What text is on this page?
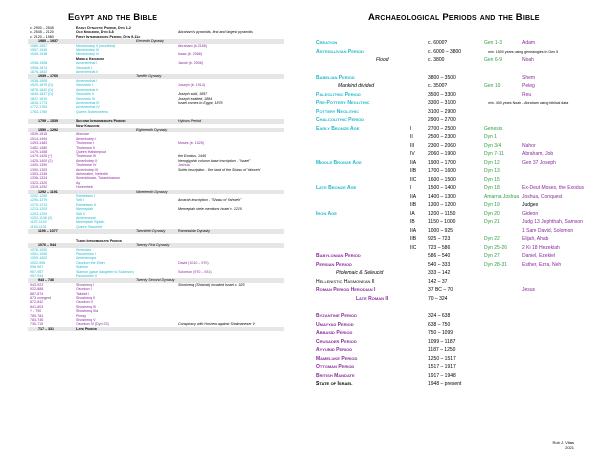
Egypt and the Bible	Archaeological Periods and the Bible
c. 2900 – 2545	Early Dynastic Period, Dyn 1-2
c. 2545 – 2120	Old Kingdom, Dyn 3-8	Abraham's pyramids, first and largest pyramids
c. 2120 – 1980	First Intermediate Period, Dyn 9-11a
1980 – 1937	Eleventh Dynasty
1980-1957	Mentuhotep II (reunified)	Abraham (b.2166)
1957-1945	Mentuhotep III
1945-1938	Mentuhotep IV	Isaac (b. 2066)
Middle Kingdom
1938-1908	Amenemhat I	Jacob (b. 2006)
1908-1874	Senusret I
1876-1842	Amenemhat II
1939 – 1760	Twelfth Dynasty
1938-1908	Amenemhat I
1920-1875 (D)	Sesostris I	Joseph (b. 1914)
1876-1842 (D)	Amenemhat II
1845-1837 (D)	Sesostris II	Joseph sold, 1897
1837-1819	Sesostris III	Joseph exalted, 1884
1818-1773	Amenemhat III	Israel comes to Egypt, 1876
1772-1764	Amenemhat IV
1763-1760	Queen Sobekneferu
1759 – 1539	Second Intermediate Period	Hyksos Period
New Kingdom
1550 – 1292	Eighteenth Dynasty
1539-1515	Ahmose
1514-1494	Amenhotep I
1493-1483	Thutmose I	Moses (b. 1525)
1482-1480	Thutmose II
1479-1458	Queen Hatshepsut
1479-1425 (*)	Thutmose III	the Exodus, 1445
1425-1400 (2)	Amenhotep II	hieroglyphic column base inscription - "Israel"
1400-1390	Thutmose IV	Joshua
1390-1353	Amenhotep III	Soleb inscription - 'the land of the Shasu of Yahweh'
1353-1336	Akhenaten, Nefertiti
1336-1324	Smenkhkare, Tutankhamun
1323-1320	Ay
1319-1292	Horemheb
1292 – 1191	Nineteenth Dynasty
1292-1290	Ramesses I
1290-1279	Seti I	Amarah inscription - "Shasu of Yahweh"
1279-1213	Ramesses II
1213-1203	Merneptah	Merneptah stele mentions Israel c. 1210
1203-1200	Seti II
1202-1198 (2)	Amenmesse
1197-1193	Merneptah Siptah
1193-1191	Queen Tawosret
1190 – 1077	Twentieth Dynasty	Ramesside Dynasty
Third Intermediate Period
1076 – 944	Twenty First Dynasty
1076-1052	Smendes
1051-1006	Psusennes I
1005-1002	Amenemope
1002-996	Osorkon the Elder	David (1010 – 970)
996-967	Siamun
967-957	Siamun (gave daughter to Solomon)	Solomon (970 – 931)
957-944	Psusennes II
943 – 746	Twenty Second Dynasty
943-923	Shoshenq I	Shoshenq (Shishak) invaded Israel c. 925
922-888	Osorkon I
887-874	Takelot I
873 coregent	Shoshenq II
872-842	Osorkon II
841-803	Shoshenq III
? - 790	Shoshenq IIIa
789-784	Pimay
783-746	Shoshenq V
730-715	Osorkon IV (Dyn 23)	Conspiracy with Hoshea against Shalmaneser V
717 – 331	Late Period
Creation	c. 6000?	Gen 1-3	Adam
Antediluvian Period	c. 6000 – 3800	min. 1500 years using genealogies in Gen 5
Flood	c. 3800	Gen 6-9	Noah
Babelian Period	3800 – 3500	Shem
Mankind divided	c. 3500?	Gen 10	Peleg
Paleolithic Period	3500 – 3300	Reu
Pre-Pottery Neolithic	3300 – 3100	min. 400 years Noah - Abraham using biblical data
Pottery Neolithic	3100 – 2900
Chalcolithic Period	2900 – 2700
Early Bronze Age	I	2700 – 2500	Genesis
II	2500 – 2300	Dyn 1
III	2300 – 2060	Dyn 3/4	Nahor
IV	2060 – 1900	Dyn 7-11	Abraham, Job
Middle Bronze Age	IIA	1900 – 1700	Dyn 12	Gen 37 Joseph
IIB	1700 – 1600	Dyn 13
IIC	1600 – 1500	Dyn 15
Late Bronze Age	I	1500 – 1400	Dyn 18	Ex-Deut Moses, the Exodus
IIA	1400 – 1300	Amarna Joshua Joshua, Conquest
IIB	1300 – 1200	Dyn 19	Judges
Iron Age	IA	1200 – 1150	Dyn 20	Gideon
IB	1150 – 1000	Dyn 21	Judg 13 Jephthah, Samson
IIA	1000 – 925	1 Sam David, Solomon
IIB	925 – 723	Dyn 22	Elijah, Ahab
IIC	723 – 586	Dyn 25-26	2 Ki 18 Hezekiah
Babylonian Period	586 – 540	Dyn 27	Daniel, Ezekiel
Persian Period	540 – 333	Dyn 28-31	Esther, Ezra, Neh
Ptolemaic & Seleucid	333 – 142
Hellenistic Hasmonean II	142 – 37
Roman Period Herodian I	37 BC – 70	Jesus
Late Roman II	70 – 324
Byzantine Period	324 – 638
Umayyad Period	638 – 750
Abbasid Period	750 – 1099
Crusader Period	1099 – 1187
Ayyubid Period	1187 – 1250
Mameluke Period	1250 – 1517
Ottoman Period	1517 – 1917
British Mandate	1917 – 1948
State of Israel	1948 – present
Rob J. Vitas
2021
